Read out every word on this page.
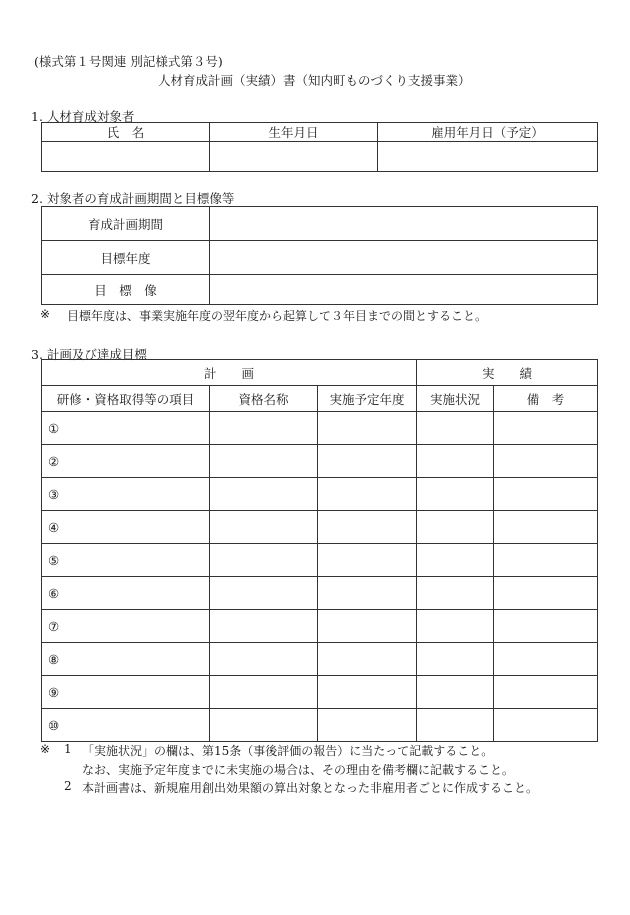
(様式第１号関連 別記様式第３号)
人材育成計画（実績）書（知内町ものづくり支援事業）
1. 人材育成対象者
氏　名	生年月日	雇用年月日（予定）

2. 対象者の育成計画期間と目標像等
育成計画期間	
目標年度	
目　標　像	
※ 目標年度は、事業実施年度の翌年度から起算して３年目までの間とすること。
3. 計画及び達成目標
計　　画			実　　績	
研修・資格取得等の項目	資格名称	実施予定年度	実施状況	備　考
①				
②				
③				
④				
⑤				
⑥				
⑦				
⑧				
⑨				
⑩				
※ 1 「実施状況」の欄は、第15条（事後評価の報告）に当たって記載すること。
なお、実施予定年度までに未実施の場合は、その理由を備考欄に記載すること。
2 本計画書は、新規雇用創出効果額の算出対象となった非雇用者ごとに作成すること。
